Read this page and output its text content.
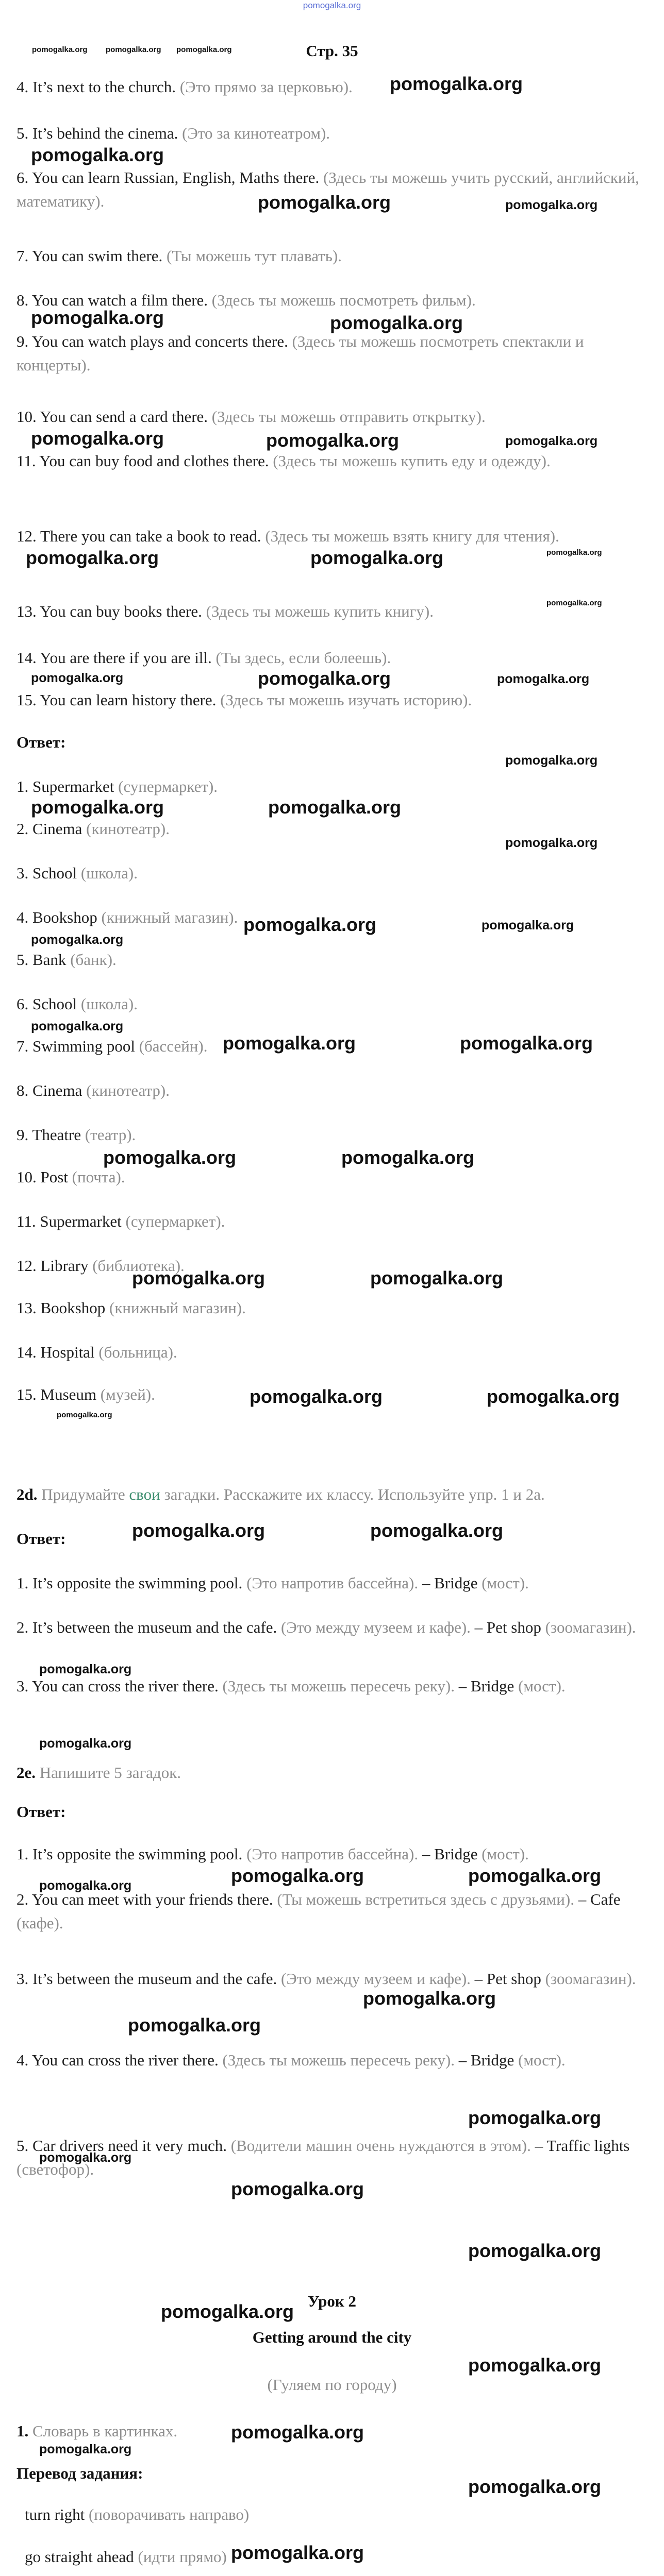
pomogalka.org
pomogalka.org pomogalka.org pomogalka.org	Стр. 35
4. It’s next to the church. (Это прямо за церковью).
5. It’s behind the cinema. (Это за кинотеатром).
6. You can learn Russian, English, Maths there. (Здесь ты можешь учить русский, английский, математику).
7. You can swim there. (Ты можешь тут плавать).
8. You can watch a film there. (Здесь ты можешь посмотреть фильм).
9. You can watch plays and concerts there. (Здесь ты можешь посмотреть спектакли и концерты).
10. You can send a card there. (Здесь ты можешь отправить открытку).
11. You can buy food and clothes there. (Здесь ты можешь купить еду и одежду).
12. There you can take a book to read. (Здесь ты можешь взять книгу для чтения).
13. You can buy books there. (Здесь ты можешь купить книгу).
14. You are there if you are ill. (Ты здесь, если болеешь).
15. You can learn history there. (Здесь ты можешь изучать историю).
Ответ:
1. Supermarket (супермаркет).
2. Cinema (кинотеатр).
3. School (школа).
4. Bookshop (книжный магазин).
5. Bank (банк).
6. School (школа).
7. Swimming pool (бассейн).
8. Cinema (кинотеатр).
9. Theatre (театр).
10. Post (почта).
11. Supermarket (супермаркет).
12. Library (библиотека).
13. Bookshop (книжный магазин).
14. Hospital (больница).
15. Museum (музей).
2d. Придумайте свои загадки. Расскажите их классу. Используйте упр. 1 и 2а.
Ответ:
1. It’s opposite the swimming pool. (Это напротив бассейна). – Bridge (мост).
2. It’s between the museum and the cafe. (Это между музеем и кафе). – Pet shop (зоомагазин).
3. You can cross the river there. (Здесь ты можешь пересечь реку). – Bridge (мост).
2e. Напишите 5 загадок.
Ответ:
1. It’s opposite the swimming pool. (Это напротив бассейна). – Bridge (мост).
2. You can meet with your friends there. (Ты можешь встретиться здесь с друзьями). – Cafe (кафе).
3. It’s between the museum and the cafe. (Это между музеем и кафе). – Pet shop (зоомагазин).
4. You can cross the river there. (Здесь ты можешь пересечь реку). – Bridge (мост).
5. Car drivers need it very much. (Водители машин очень нуждаются в этом). – Traffic lights (светофор).
Урок 2
Getting around the city
(Гуляем по городу)
1. Словарь в картинках.
Перевод задания:
turn right (поворачивать направо)
go straight ahead (идти прямо)
pomogalka.org
pomogalka.org
pomogalka.org	pomogalka.org
pomogalka.org	pomogalka.org
pomogalka.org	pomogalka.org	pomogalka.org
pomogalka.org	pomogalka.org	pomogalka.org
pomogalka.org
pomogalka.org	pomogalka.org	pomogalka.org
pomogalka.org
pomogalka.org	pomogalka.org
pomogalka.org
pomogalka.org	pomogalka.org
pomogalka.org
pomogalka.org
pomogalka.org	pomogalka.org
pomogalka.org	pomogalka.org
pomogalka.org	pomogalka.org
pomogalka.org	pomogalka.org
pomogalka.org
pomogalka.org	pomogalka.org
pomogalka.org
pomogalka.org
pomogalka.org	pomogalka.org
pomogalka.org
pomogalka.org
pomogalka.org
pomogalka.org
pomogalka.org
pomogalka.org
pomogalka.org
pomogalka.org
pomogalka.org
pomogalka.org
pomogalka.org
pomogalka.org
pomogalka.org
